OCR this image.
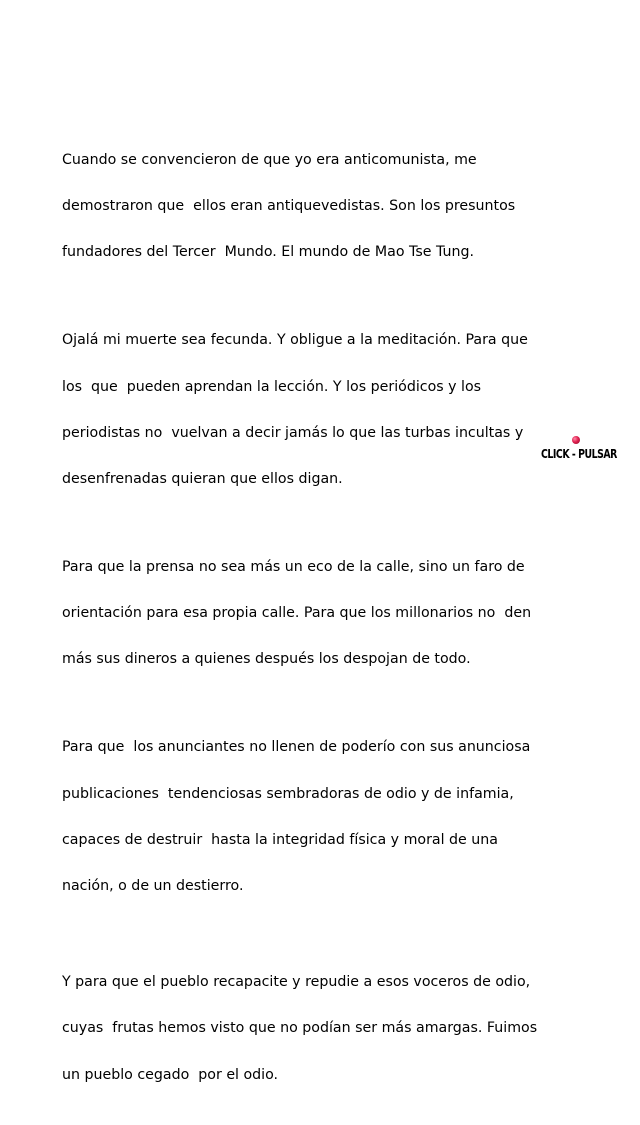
Cuando se convencieron de que yo era anticomunista, me

demostraron que  ellos eran antiquevedistas. Son los presuntos

fundadores del Tercer  Mundo. El mundo de Mao Tse Tung.

Ojalá mi muerte sea fecunda. Y obligue a la meditación. Para que

los  que  pueden aprendan la lección. Y los periódicos y los

periodistas no  vuelvan a decir jamás lo que las turbas incultas y

desenfrenadas quieran que ellos digan.

Para que la prensa no sea más un eco de la calle, sino un faro de

orientación para esa propia calle. Para que los millonarios no  den

más sus dineros a quienes después los despojan de todo.

Para que  los anunciantes no llenen de poderío con sus anunciosa

publicaciones  tendenciosas sembradoras de odio y de infamia,

capaces de destruir  hasta la integridad física y moral de una

nación, o de un destierro.

Y para que el pueblo recapacite y repudie a esos voceros de odio,

cuyas  frutas hemos visto que no podían ser más amargas. Fuimos

un pueblo cegado  por el odio.

CLICK - PULSAR
